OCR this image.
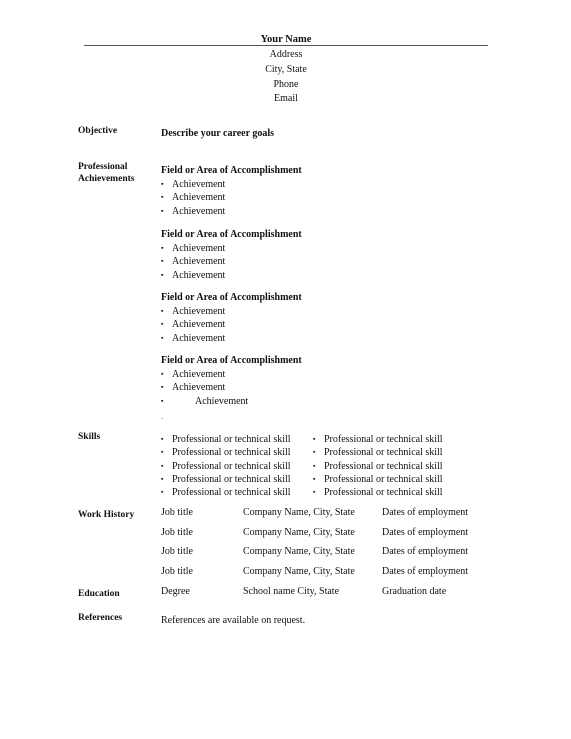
Your Name
Address
City, State
Phone
Email
Objective	Describe your career goals
Professional Achievements
Field or Area of Accomplishment
▪ Achievement
▪ Achievement
▪ Achievement
Field or Area of Accomplishment
▪ Achievement
▪ Achievement
▪ Achievement
Field or Area of Accomplishment
▪ Achievement
▪ Achievement
▪ Achievement
Field or Area of Accomplishment
▪ Achievement
▪ Achievement
▪	Achievement
.
Skills	▪ Professional or technical skill
▪ Professional or technical skill
▪ Professional or technical skill
▪ Professional or technical skill
▪ Professional or technical skill
▪ Professional or technical skill
▪ Professional or technical skill
▪ Professional or technical skill
▪ Professional or technical skill
▪ Professional or technical skill
Work History	Job title	Company Name, City, State	Dates of employment
Job title	Company Name, City, State	Dates of employment
Job title	Company Name, City, State	Dates of employment
Job title	Company Name, City, State	Dates of employment
Education	Degree	School name City, State	Graduation date
References	References are available on request.
